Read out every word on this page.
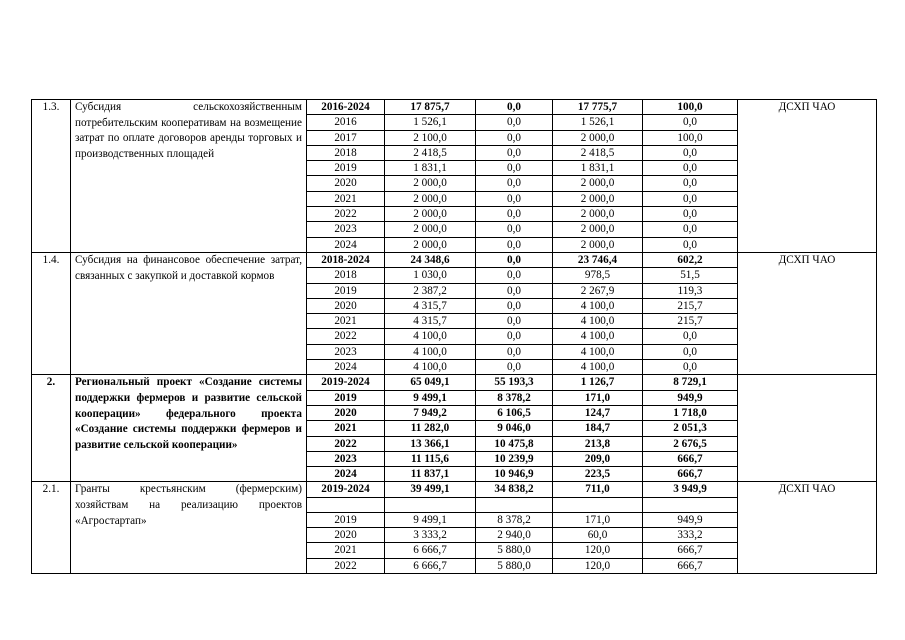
1.3.	Субсидия сельскохозяйственным потребительским кооперативам на возмещение затрат по оплате договоров аренды торговых и производственных площадей	2016-2024	17 875,7	0,0	17 775,7	100,0	ДСХП ЧАО
		2016	1 526,1	0,0	1 526,1	0,0	
		2017	2 100,0	0,0	2 000,0	100,0	
		2018	2 418,5	0,0	2 418,5	0,0	
		2019	1 831,1	0,0	1 831,1	0,0	
		2020	2 000,0	0,0	2 000,0	0,0	
		2021	2 000,0	0,0	2 000,0	0,0	
		2022	2 000,0	0,0	2 000,0	0,0	
		2023	2 000,0	0,0	2 000,0	0,0	
		2024	2 000,0	0,0	2 000,0	0,0	
1.4.	Субсидия на финансовое обеспечение затрат, связанных с закупкой и доставкой кормов	2018-2024	24 348,6	0,0	23 746,4	602,2	ДСХП ЧАО
		2018	1 030,0	0,0	978,5	51,5	
		2019	2 387,2	0,0	2 267,9	119,3	
		2020	4 315,7	0,0	4 100,0	215,7	
		2021	4 315,7	0,0	4 100,0	215,7	
		2022	4 100,0	0,0	4 100,0	0,0	
		2023	4 100,0	0,0	4 100,0	0,0	
		2024	4 100,0	0,0	4 100,0	0,0	
2.	Региональный проект «Создание системы поддержки фермеров и развитие сельской кооперации» федерального проекта «Создание системы поддержки фермеров и развитие сельской кооперации»	2019-2024	65 049,1	55 193,3	1 126,7	8 729,1	
		2019	9 499,1	8 378,2	171,0	949,9	
		2020	7 949,2	6 106,5	124,7	1 718,0	
		2021	11 282,0	9 046,0	184,7	2 051,3	
		2022	13 366,1	10 475,8	213,8	2 676,5	
		2023	11 115,6	10 239,9	209,0	666,7	
		2024	11 837,1	10 946,9	223,5	666,7	
2.1.	Гранты крестьянским (фермерским) хозяйствам на реализацию проектов «Агростартап»	2019-2024	39 499,1	34 838,2	711,0	3 949,9	ДСХП ЧАО

		2019	9 499,1	8 378,2	171,0	949,9	
		2020	3 333,2	2 940,0	60,0	333,2	
		2021	6 666,7	5 880,0	120,0	666,7	
		2022	6 666,7	5 880,0	120,0	666,7	
